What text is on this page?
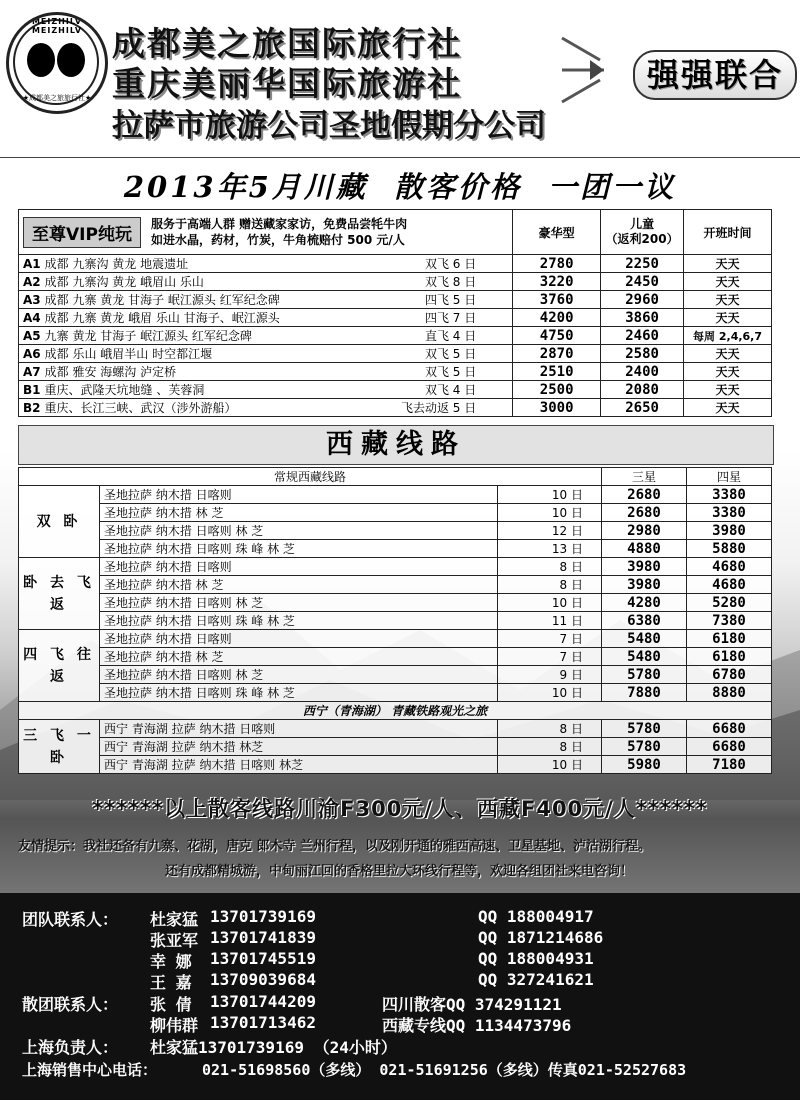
MEIZHILV MEIZHILV
★成都美之旅旅行社★
成都美之旅国际旅行社
重庆美丽华国际旅游社
拉萨市旅游公司圣地假期分公司
强强联合
2013年5月川藏  散客价格  一团一议
至尊VIP纯玩服务于高端人群 赠送藏家家访，免费品尝牦牛肉
如进水晶，药材，竹炭，牛角梳赔付 500 元/人	豪华型	儿童
（返利200）	开班时间
A1 成都 九寨沟 黄龙 地震遗址 双飞 6 日	2780	2250	天天
A2 成都 九寨沟 黄龙 峨眉山 乐山 双飞 8 日	3220	2450	天天
A3 成都 九寨 黄龙 甘海子 岷江源头 红军纪念碑 四飞 5 日	3760	2960	天天
A4 成都 九寨 黄龙 峨眉 乐山 甘海子、岷江源头 四飞 7 日	4200	3860	天天
A5 九寨 黄龙 甘海子 岷江源头 红军纪念碑 直飞 4 日	4750	2460	每周 2,4,6,7
A6 成都 乐山 峨眉半山 时空都江堰 双飞 5 日	2870	2580	天天
A7 成都 雅安 海螺沟 泸定桥 双飞 5 日	2510	2400	天天
B1 重庆、武隆天坑地缝 、芙蓉洞 双飞 4 日	2500	2080	天天
B2 重庆、长江三峡、武汉（涉外游船） 飞去动返 5 日	3000	2650	天天
西藏线路
常规西藏线路			三星	四星
双 卧	圣地拉萨 纳木措 日喀则	10 日	2680	3380
	圣地拉萨 纳木措 林 芝	10 日	2680	3380
	圣地拉萨 纳木措 日喀则 林 芝	12 日	2980	3980
	圣地拉萨 纳木措 日喀则 珠 峰 林 芝	13 日	4880	5880
卧 去 飞 返	圣地拉萨 纳木措 日喀则	8 日	3980	4680
	圣地拉萨 纳木措 林 芝	8 日	3980	4680
	圣地拉萨 纳木措 日喀则 林 芝	10 日	4280	5280
	圣地拉萨 纳木措 日喀则 珠 峰 林 芝	11 日	6380	7380
四 飞 往 返	圣地拉萨 纳木措 日喀则	7 日	5480	6180
	圣地拉萨 纳木措 林 芝	7 日	5480	6180
	圣地拉萨 纳木措 日喀则 林 芝	9 日	5780	6780
	圣地拉萨 纳木措 日喀则 珠 峰 林 芝	10 日	7880	8880
西宁（青海湖） 青藏铁路观光之旅				
三 飞 一 卧	西宁 青海湖 拉萨 纳木措 日喀则	8 日	5780	6680
	西宁 青海湖 拉萨 纳木措 林芝	8 日	5780	6680
	西宁 青海湖 拉萨 纳木措 日喀则 林芝	10 日	5980	7180
******以上散客线路川渝F300元/人、西藏F400元/人******
友情提示：我社还备有九寨、花湖，唐克 郎木寺 兰州行程，以及刚开通的雅西高速、卫星基地、泸沽湖行程。
还有成都精城游，中甸丽江回的香格里拉大环线行程等，欢迎各组团社来电咨询！
团队联系人：
散团联系人：
上海负责人： 杜家猛13701739169 （24小时）
上海销售中心电话：	021-51698560（多线） 021-51691256（多线）传真021-52527683
杜家猛 13701739169	QQ 188004917
张亚军 13701741839	QQ 1871214686
幸 娜 13701745519	QQ 188004931
王 嘉 13709039684	QQ 327241621
张 倩 13701744209	四川散客QQ 374291121
柳伟群 13701713462	西藏专线QQ 1134473796
